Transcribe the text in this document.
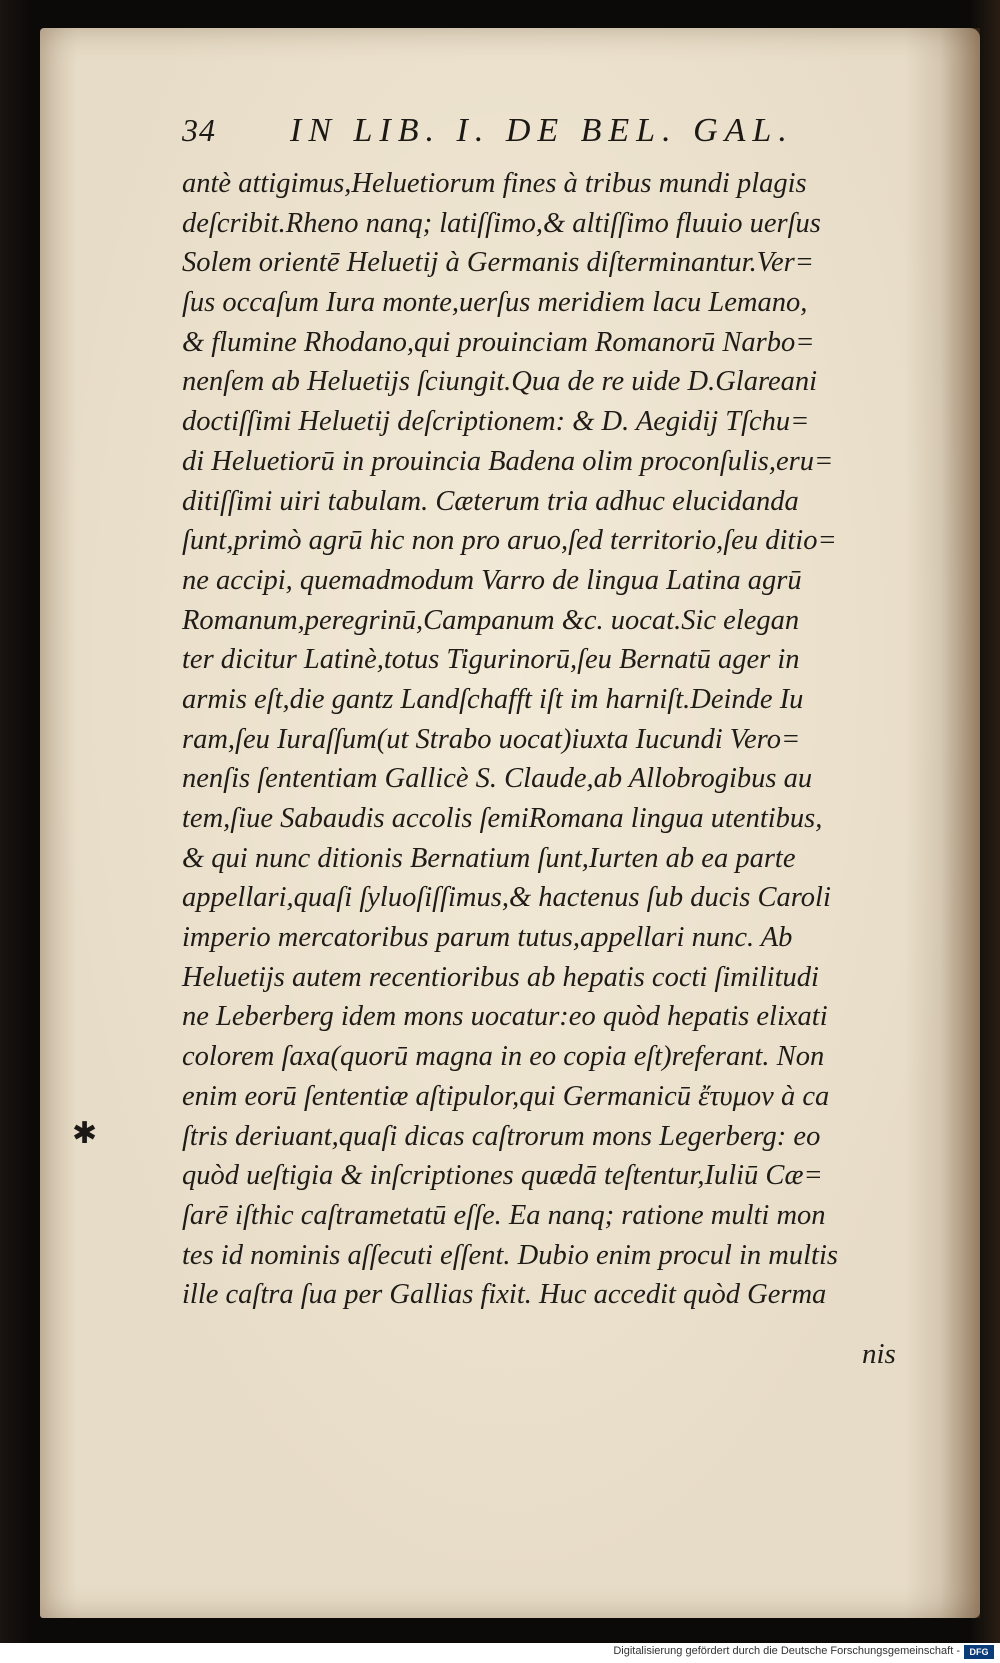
34 IN LIB. I. DE BEL. GAL.
antè attigimus,Heluetiorum fines à tribus mundi plagis
deſcribit.Rheno nanq; latiſſimo,& altiſſimo fluuio uerſus
Solem orientē Heluetij à Germanis diſterminantur.Ver=
ſus occaſum Iura monte,uerſus meridiem lacu Lemano,
& flumine Rhodano,qui prouinciam Romanorū Narbo=
nenſem ab Heluetijs ſciungit.Qua de re uide D.Glareani
doctiſſimi Heluetij deſcriptionem: & D. Aegidij Tſchu=
di Heluetiorū in prouincia Badena olim proconſulis,eru=
ditiſſimi uiri tabulam. Cæterum tria adhuc elucidanda
ſunt,primò agrū hic non pro aruo,ſed territorio,ſeu ditio=
ne accipi, quemadmodum Varro de lingua Latina agrū
Romanum,peregrinū,Campanum &c. uocat.Sic elegan
ter dicitur Latinè,totus Tigurinorū,ſeu Bernatū ager in
armis eſt,die gantz Landſchafft iſt im harniſt.Deinde Iu
ram,ſeu Iuraſſum(ut Strabo uocat)iuxta Iucundi Vero=
nenſis ſententiam Gallicè S. Claude,ab Allobrogibus au
tem,ſiue Sabaudis accolis ſemiRomana lingua utentibus,
& qui nunc ditionis Bernatium ſunt,Iurten ab ea parte
appellari,quaſi ſyluoſiſſimus,& hactenus ſub ducis Caroli
imperio mercatoribus parum tutus,appellari nunc. Ab
Heluetijs autem recentioribus ab hepatis cocti ſimilitudi
ne Leberberg idem mons uocatur:eo quòd hepatis elixati
colorem ſaxa(quorū magna in eo copia eſt)referant. Non
enim eorū ſententiæ aſtipulor,qui Germanicū ἔτυμον à ca
ſtris deriuant,quaſi dicas caſtrorum mons Legerberg: eo
quòd ueſtigia & inſcriptiones quædā teſtentur,Iuliū Cæ=
ſarē iſthic caſtrametatū eſſe. Ea nanq; ratione multi mon
tes id nominis aſſecuti eſſent. Dubio enim procul in multis
ille caſtra ſua per Gallias fixit. Huc accedit quòd Germa
nis
✱
Digitalisierung gefördert durch die Deutsche Forschungsgemeinschaft -	DFG
